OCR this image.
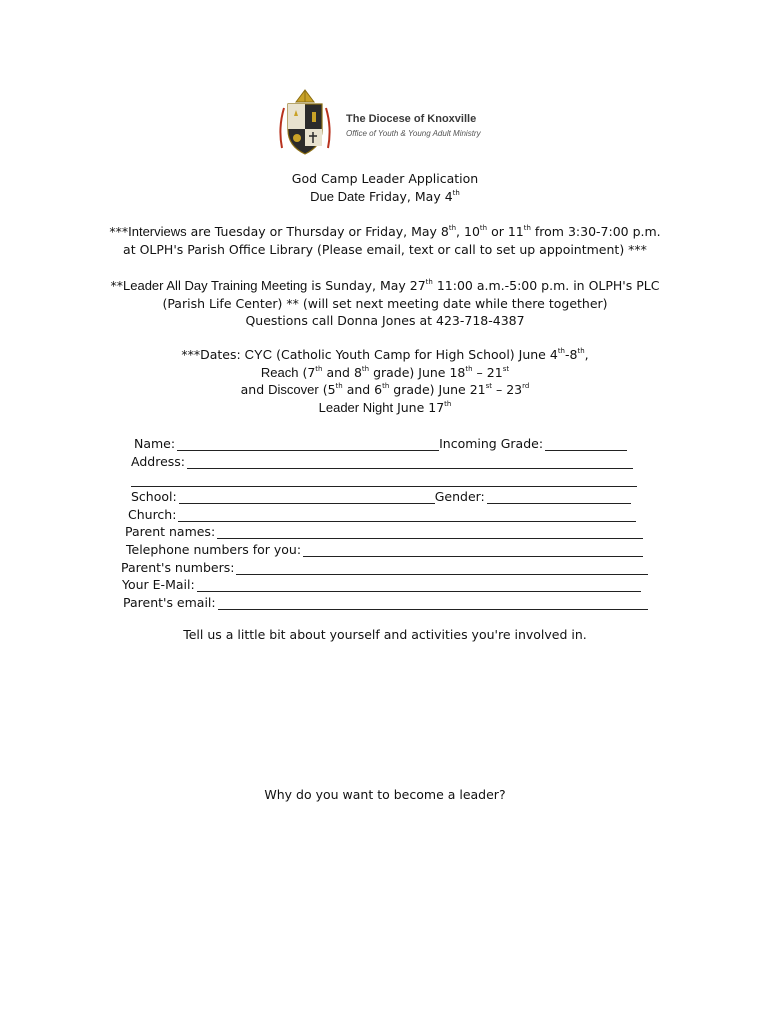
The Diocese of Knoxville
Office of Youth & Young Adult Ministry
God Camp Leader Application
Due Date Friday, May 4th
***Interviews are Tuesday or Thursday or Friday, May 8th, 10th or 11th from 3:30-7:00 p.m.
at OLPH's Parish Office Library (Please email, text or call to set up appointment) ***
**Leader All Day Training Meeting is Sunday, May 27th 11:00 a.m.-5:00 p.m. in OLPH's PLC
(Parish Life Center) ** (will set next meeting date while there together)
Questions call Donna Jones at 423-718-4387
***Dates: CYC (Catholic Youth Camp for High School) June 4th-8th,
Reach (7th and 8th grade) June 18th – 21st
and Discover (5th and 6th grade) June 21st – 23rd
Leader Night June 17th
Name:	Incoming Grade:
Address:
School:	Gender:
Church:
Parent names:
Telephone numbers for you:
Parent's numbers:
Your E-Mail:
Parent's email:
Tell us a little bit about yourself and activities you're involved in.
Why do you want to become a leader?
